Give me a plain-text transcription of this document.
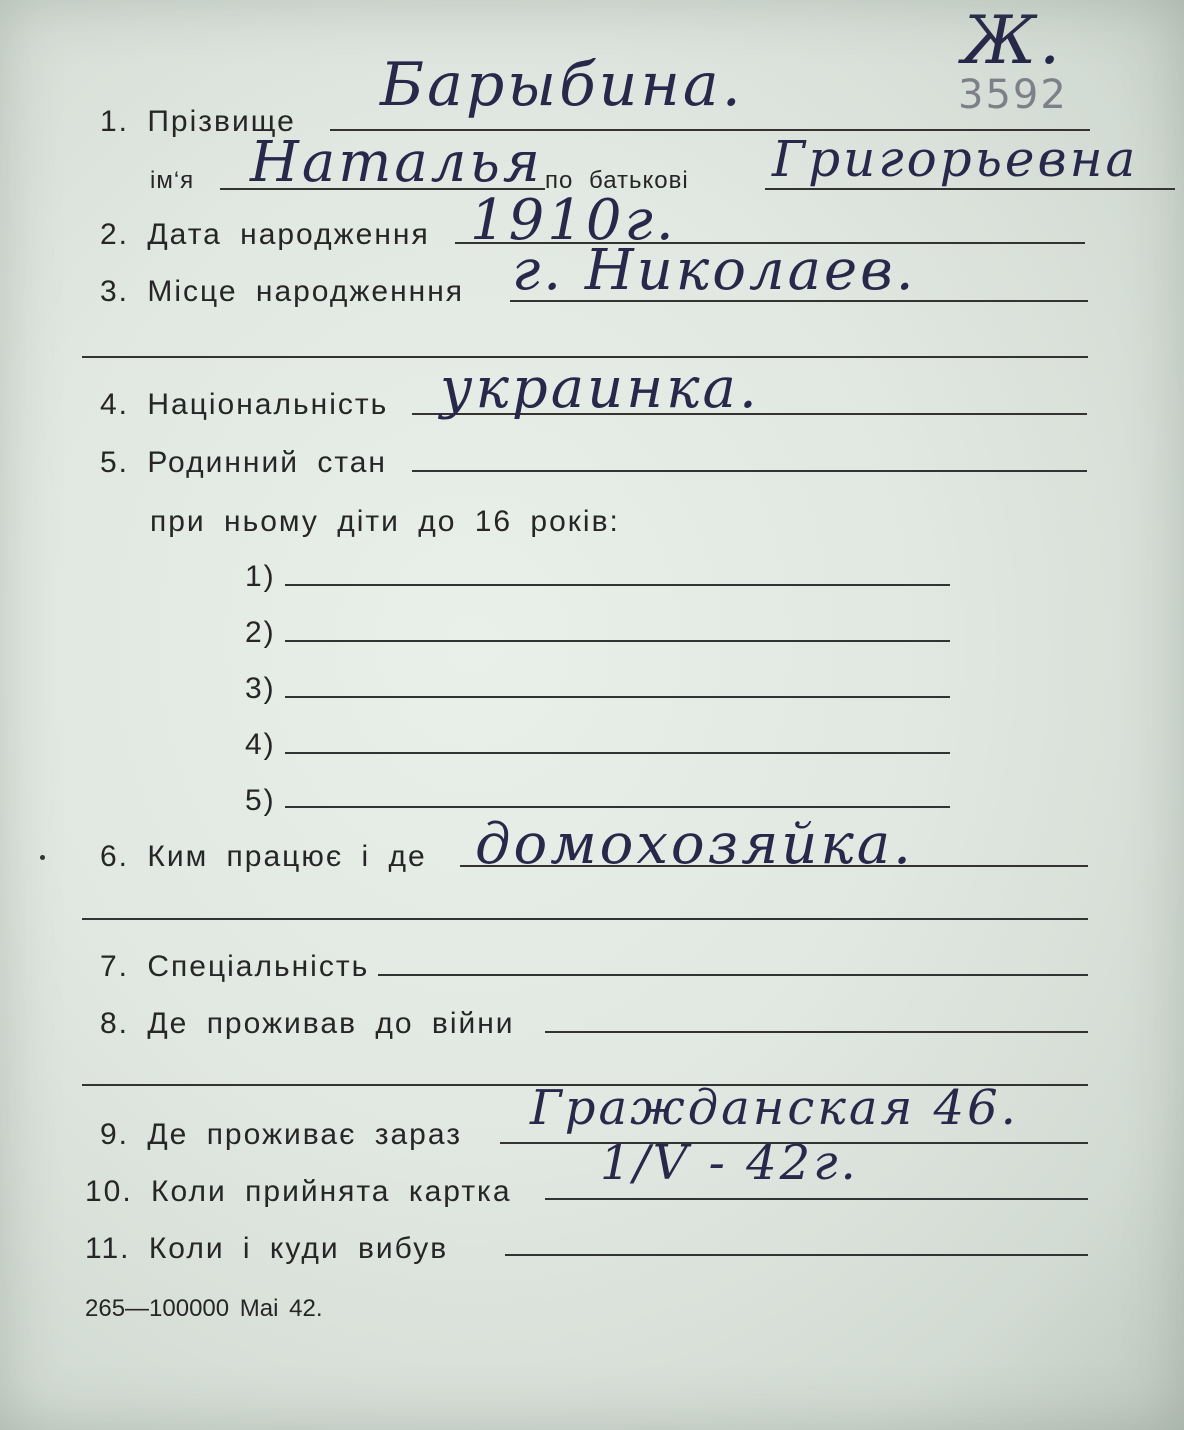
Ж.
3592
1. Прізвище
Барыбина.
ім‘я Наталья по батькові Григорьевна
2. Дата народження 1910г.
3. Місце народженння г. Николаев.
4. Національність украинка.
5. Родинний стан
при ньому діти до 16 років:
1)
2)
3)
4)
5)
6. Ким працює і де домохозяйка.
7. Спеціальність
8. Де проживав до війни
9. Де проживає зараз Гражданская 46.
10. Коли прийнята картка
1/V - 42г.
11. Коли і куди вибув
265—100000 Mai 42.
